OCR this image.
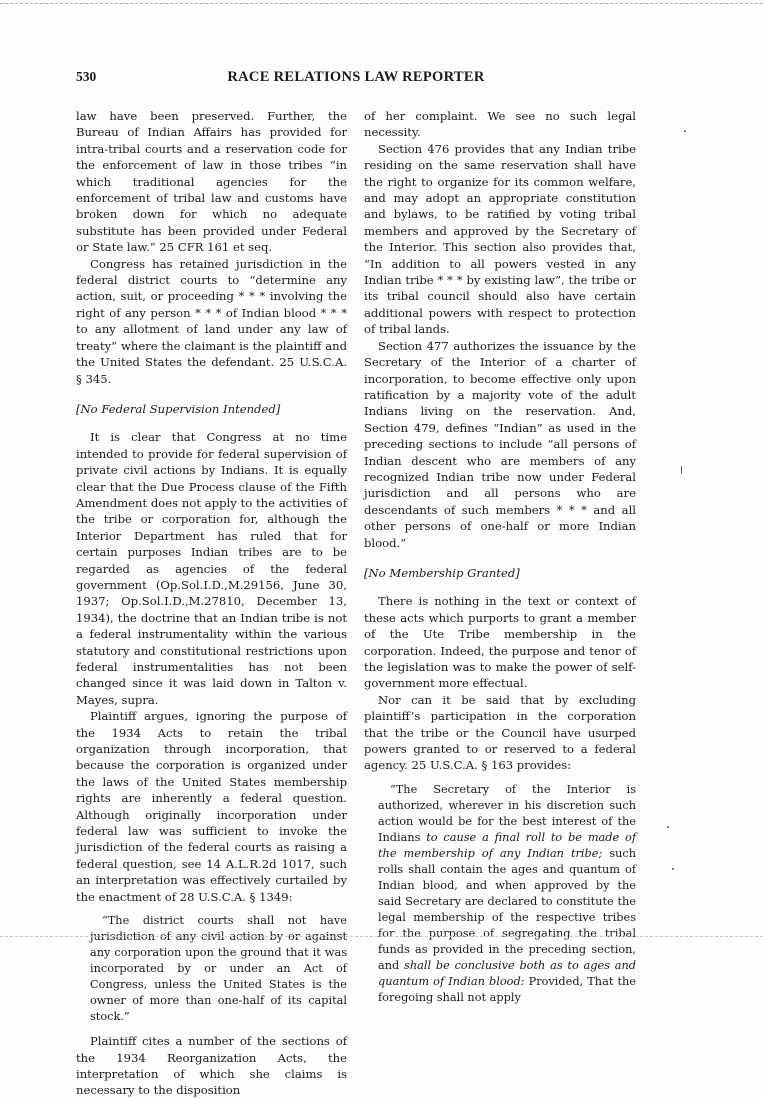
530	RACE RELATIONS LAW REPORTER

law have been preserved. Further, the Bureau of Indian Affairs has provided for intra-tribal courts and a reservation code for the enforcement of law in those tribes “in which traditional agencies for the enforcement of tribal law and customs have broken down for which no adequate substitute has been provided under Federal or State law.” 25 CFR 161 et seq.

Congress has retained jurisdiction in the federal district courts to “determine any action, suit, or proceeding * * * involving the right of any person * * * of Indian blood * * * to any allotment of land under any law of treaty” where the claimant is the plaintiff and the United States the defendant. 25 U.S.C.A. § 345.

[No Federal Supervision Intended]

It is clear that Congress at no time intended to provide for federal supervision of private civil actions by Indians. It is equally clear that the Due Process clause of the Fifth Amendment does not apply to the activities of the tribe or corporation for, although the Interior Department has ruled that for certain purposes Indian tribes are to be regarded as agencies of the federal government (Op.Sol.I.D.,M.29156, June 30, 1937; Op.Sol.I.D.,M.27810, December 13, 1934), the doctrine that an Indian tribe is not a federal instrumentality within the various statutory and constitutional restrictions upon federal instrumentalities has not been changed since it was laid down in Talton v. Mayes, supra.

Plaintiff argues, ignoring the purpose of the 1934 Acts to retain the tribal organization through incorporation, that because the corporation is organized under the laws of the United States membership rights are inherently a federal question. Although originally incorporation under federal law was sufficient to invoke the jurisdiction of the federal courts as raising a federal question, see 14 A.L.R.2d 1017, such an interpretation was effectively curtailed by the enactment of 28 U.S.C.A. § 1349:

“The district courts shall not have jurisdiction of any civil action by or against any corporation upon the ground that it was incorporated by or under an Act of Congress, unless the United States is the owner of more than one-half of its capital stock.”

Plaintiff cites a number of the sections of the 1934 Reorganization Acts, the interpretation of which she claims is necessary to the disposition

of her complaint. We see no such legal necessity.

Section 476 provides that any Indian tribe residing on the same reservation shall have the right to organize for its common welfare, and may adopt an appropriate constitution and bylaws, to be ratified by voting tribal members and approved by the Secretary of the Interior. This section also provides that, “In addition to all powers vested in any Indian tribe * * * by existing law”, the tribe or its tribal council should also have certain additional powers with respect to protection of tribal lands.

Section 477 authorizes the issuance by the Secretary of the Interior of a charter of incorporation, to become effective only upon ratification by a majority vote of the adult Indians living on the reservation. And, Section 479, defines “Indian” as used in the preceding sections to include “all persons of Indian descent who are members of any recognized Indian tribe now under Federal jurisdiction and all persons who are descendants of such members * * * and all other persons of one-half or more Indian blood.”

[No Membership Granted]

There is nothing in the text or context of these acts which purports to grant a member of the Ute Tribe membership in the corporation. Indeed, the purpose and tenor of the legislation was to make the power of self-government more effectual.

Nor can it be said that by excluding plaintiff’s participation in the corporation that the tribe or the Council have usurped powers granted to or reserved to a federal agency. 25 U.S.C.A. § 163 provides:

“The Secretary of the Interior is authorized, wherever in his discretion such action would be for the best interest of the Indians to cause a final roll to be made of the membership of any Indian tribe; such rolls shall contain the ages and quantum of Indian blood, and when approved by the said Secretary are declared to constitute the legal membership of the respective tribes for the purpose of segregating the tribal funds as provided in the preceding section, and shall be conclusive both as to ages and quantum of Indian blood: Provided, That the foregoing shall not apply
